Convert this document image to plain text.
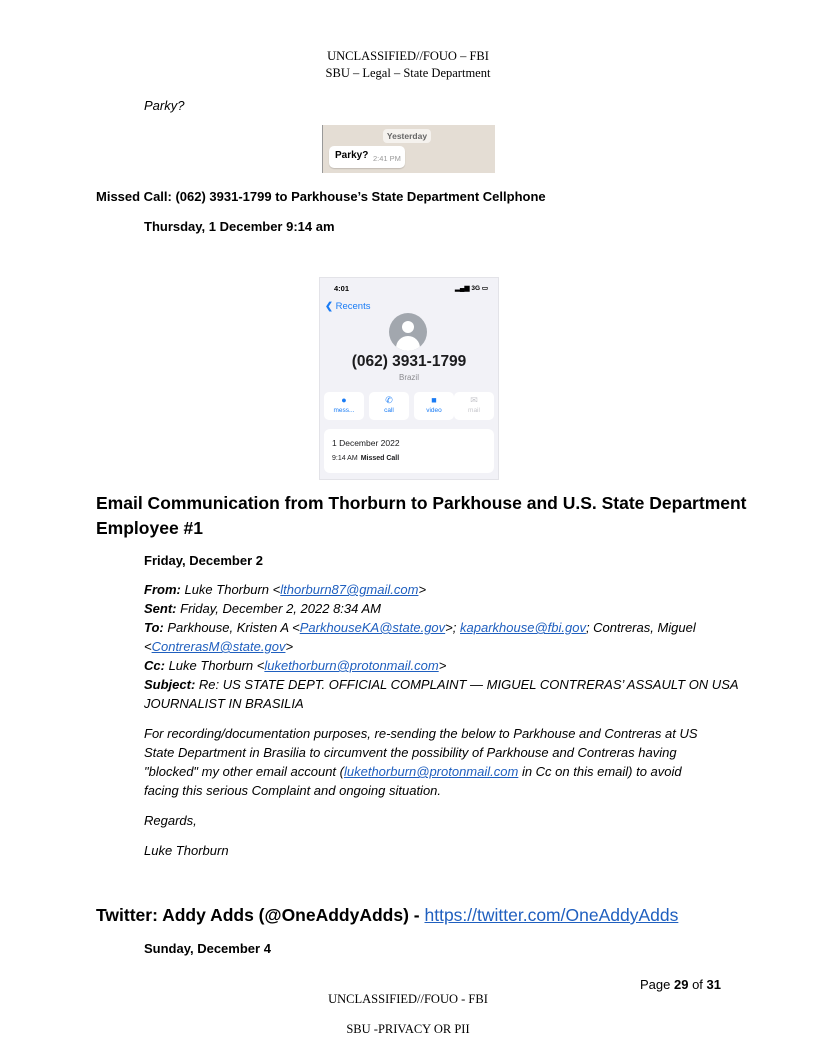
UNCLASSIFIED//FOUO – FBI
SBU – Legal – State Department
Parky?
Yesterday
Parky? 2:41 PM
Missed Call: (062) 3931-1799 to Parkhouse’s State Department Cellphone
Thursday, 1 December 9:14 am
4:01	▂▄▆ 3G ▭
❮ Recents
(062) 3931-1799
Brazil
●
mess...
✆
call
■
video
✉
mail
1 December 2022
9:14 AM Missed Call
Email Communication from Thorburn to Parkhouse and U.S. State Department
Employee #1
Friday, December 2
From: Luke Thorburn <lthorburn87@gmail.com>
Sent: Friday, December 2, 2022 8:34 AM
To: Parkhouse, Kristen A <ParkhouseKA@state.gov>; kaparkhouse@fbi.gov; Contreras, Miguel
<ContrerasM@state.gov>
Cc: Luke Thorburn <lukethorburn@protonmail.com>
Subject: Re: US STATE DEPT. OFFICIAL COMPLAINT — MIGUEL CONTRERAS’ ASSAULT ON USA
JOURNALIST IN BRASILIA
For recording/documentation purposes, re-sending the below to Parkhouse and Contreras at US
State Department in Brasilia to circumvent the possibility of Parkhouse and Contreras having
"blocked" my other email account (lukethorburn@protonmail.com in Cc on this email) to avoid
facing this serious Complaint and ongoing situation.
Regards,
Luke Thorburn
Twitter: Addy Adds (@OneAddyAdds) - https://twitter.com/OneAddyAdds
Sunday, December 4
Page 29 of 31
UNCLASSIFIED//FOUO - FBI
SBU -PRIVACY OR PII
